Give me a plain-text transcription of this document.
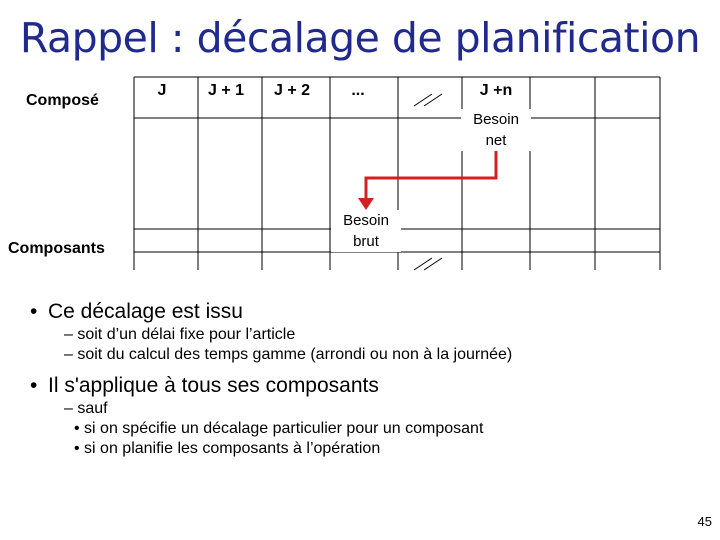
Rappel : décalage de planification
Composé
Composants
J	J + 1	J + 2	...	J +n
Besoin
net
Besoin
brut

• Ce décalage est issu

– soit d’un délai fixe pour l’article

– soit du calcul des temps gamme (arrondi ou non à la journée)

• Il s'applique à tous ses composants

– sauf

• si on spécifie un décalage particulier pour un composant

• si on planifie les composants à l’opération

45
